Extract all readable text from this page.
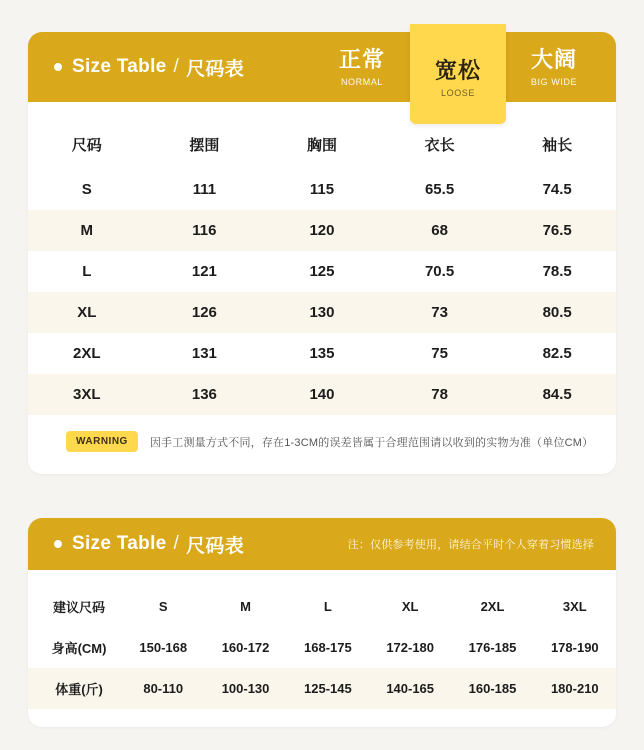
Size Table / 尺码表	正常
NORMAL 宽松
LOOSE
大阔
BIG WIDE
尺码	摆围	胸围	衣长	袖长
S	111	115	65.5	74.5
M	116	120	68	76.5
L	121	125	70.5	78.5
XL	126	130	73	80.5
2XL	131	135	75	82.5
3XL	136	140	78	84.5
WARNING	因手工测量方式不同，存在1-3CM的误差皆属于合理范围请以收到的实物为准（单位CM）
Size Table / 尺码表	注：仅供参考使用，请结合平时个人穿着习惯选择
建议尺码	S	M	L	XL	2XL	3XL
身高(CM)	150-168	160-172	168-175	172-180	176-185	178-190
体重(斤)	80-110	100-130	125-145	140-165	160-185	180-210
